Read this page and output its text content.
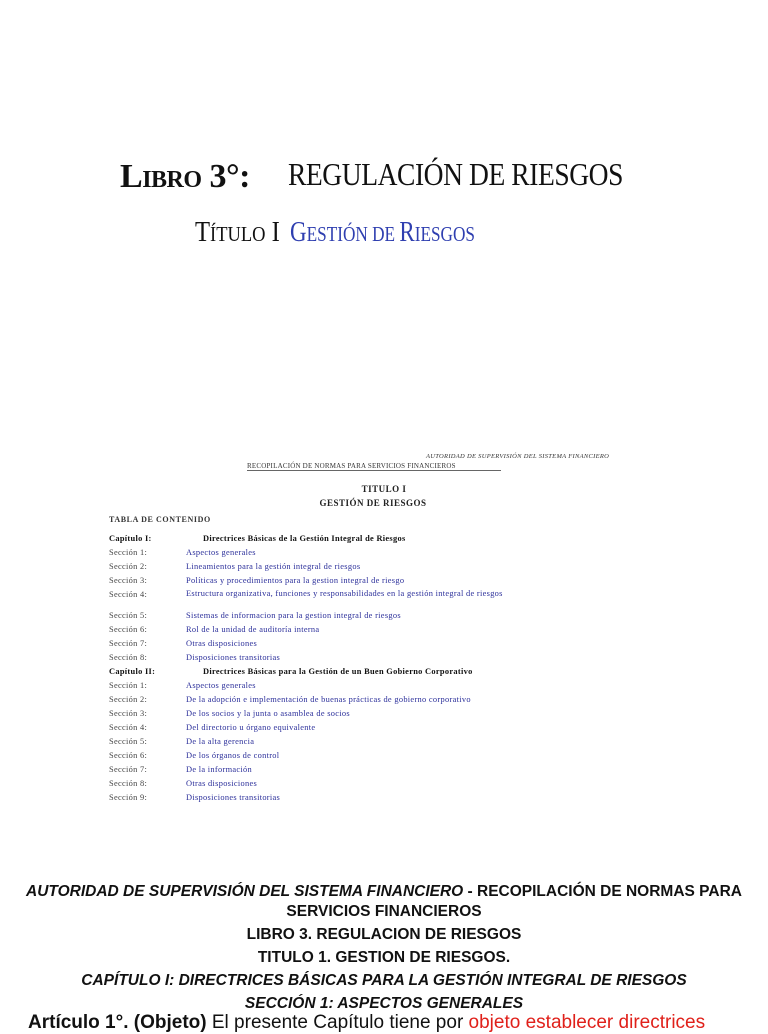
LIBRO 3°: REGULACIÓN DE RIESGOS
TÍTULO I GESTIÓN DE RIESGOS
AUTORIDAD DE SUPERVISIÓN DEL SISTEMA FINANCIERO
RECOPILACIÓN DE NORMAS PARA SERVICIOS FINANCIEROS
TITULO I
GESTIÓN DE RIESGOS
TABLA DE CONTENIDO
Capítulo I:	Directrices Básicas de la Gestión Integral de Riesgos
Sección 1:	Aspectos generales
Sección 2:	Lineamientos para la gestión integral de riesgos
Sección 3:	Políticas y procedimientos para la gestion integral de riesgo
Sección 4:	Estructura organizativa, funciones y responsabilidades en la gestión integral de riesgos
Sección 5:	Sistemas de informacion para la gestion integral de riesgos
Sección 6:	Rol de la unidad de auditoría interna
Sección 7:	Otras disposiciones
Sección 8:	Disposiciones transitorias
Capítulo II:	Directrices Básicas para la Gestión de un Buen Gobierno Corporativo
Sección 1:	Aspectos generales
Sección 2:	De la adopción e implementación de buenas prácticas de gobierno corporativo
Sección 3:	De los socios y la junta o asamblea de socios
Sección 4:	Del directorio u órgano equivalente
Sección 5:	De la alta gerencia
Sección 6:	De los órganos de control
Sección 7:	De la información
Sección 8:	Otras disposiciones
Sección 9:	Disposiciones transitorias
AUTORIDAD DE SUPERVISIÓN DEL SISTEMA FINANCIERO - RECOPILACIÓN DE NORMAS PARA
SERVICIOS FINANCIEROS
LIBRO 3. REGULACION DE RIESGOS
TITULO 1. GESTION DE RIESGOS.
CAPÍTULO I: DIRECTRICES BÁSICAS PARA LA GESTIÓN INTEGRAL DE RIESGOS
SECCIÓN 1: ASPECTOS GENERALES
Artículo 1°. (Objeto) El presente Capítulo tiene por objeto establecer directrices
